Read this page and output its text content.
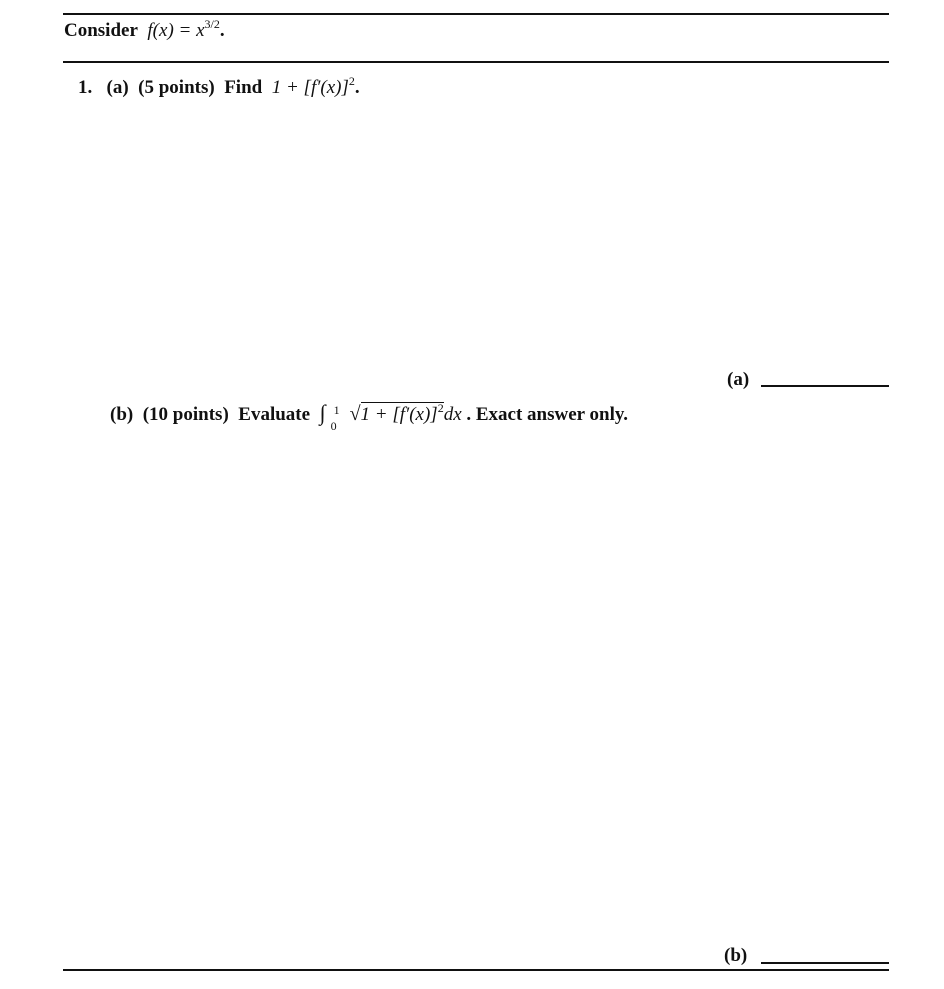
Consider $f(x) = x^{3/2}$.
1. (a) (5 points) Find $1 + [f'(x)]^2$.
(a)
(b) (10 points) Evaluate ∫ 1
0
$√1 + [f'(x)]^2dx$ . Exact answer only.
(b)
